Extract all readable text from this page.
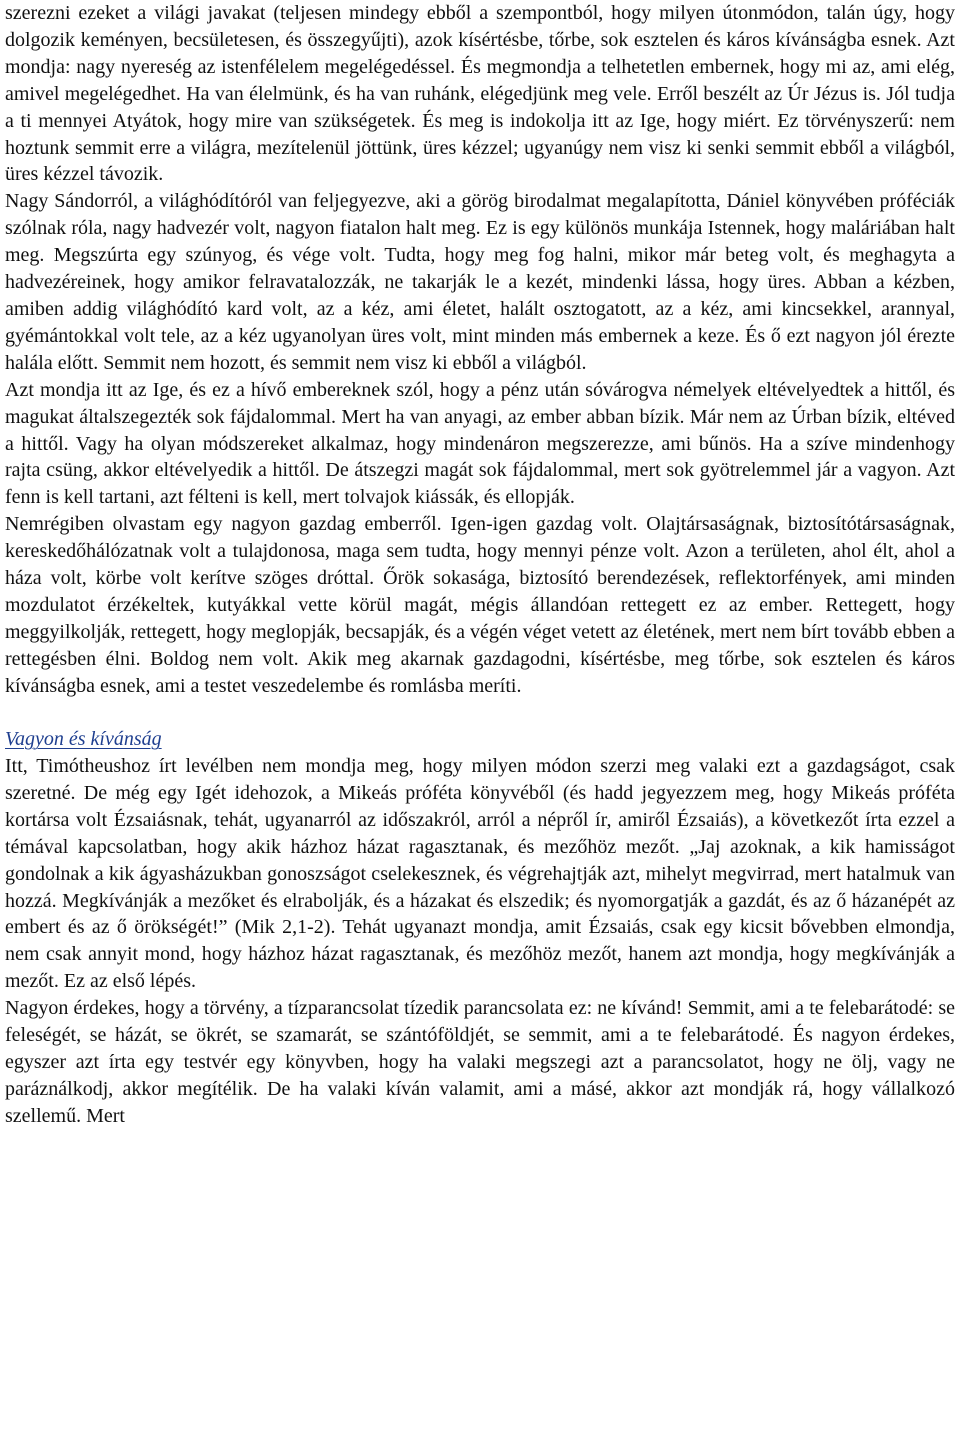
szerezni ezeket a világi javakat (teljesen mindegy ebből a szempontból, hogy milyen útonmódon, talán úgy, hogy dolgozik keményen, becsületesen, és összegyűjti), azok kísértésbe, tőrbe, sok esztelen és káros kívánságba esnek. Azt mondja: nagy nyereség az istenfélelem megelégedéssel. És megmondja a telhetetlen embernek, hogy mi az, ami elég, amivel megelégedhet. Ha van élelmünk, és ha van ruhánk, elégedjünk meg vele. Erről beszélt az Úr Jézus is. Jól tudja a ti mennyei Atyátok, hogy mire van szükségetek. És meg is indokolja itt az Ige, hogy miért. Ez törvényszerű: nem hoztunk semmit erre a világra, mezítelenül jöttünk, üres kézzel; ugyanúgy nem visz ki senki semmit ebből a világból, üres kézzel távozik.

Nagy Sándorról, a világhódítóról van feljegyezve, aki a görög birodalmat megalapította, Dániel könyvében próféciák szólnak róla, nagy hadvezér volt, nagyon fiatalon halt meg. Ez is egy különös munkája Istennek, hogy maláriában halt meg. Megszúrta egy szúnyog, és vége volt. Tudta, hogy meg fog halni, mikor már beteg volt, és meghagyta a hadvezéreinek, hogy amikor felravatalozzák, ne takarják le a kezét, mindenki lássa, hogy üres. Abban a kézben, amiben addig világhódító kard volt, az a kéz, ami életet, halált osztogatott, az a kéz, ami kincsekkel, arannyal, gyémántokkal volt tele, az a kéz ugyanolyan üres volt, mint minden más embernek a keze. És ő ezt nagyon jól érezte halála előtt. Semmit nem hozott, és semmit nem visz ki ebből a világból.

Azt mondja itt az Ige, és ez a hívő embereknek szól, hogy a pénz után sóvárogva némelyek eltévelyedtek a hittől, és magukat általszegezték sok fájdalommal. Mert ha van anyagi, az ember abban bízik. Már nem az Úrban bízik, eltéved a hittől. Vagy ha olyan módszereket alkalmaz, hogy mindenáron megszerezze, ami bűnös. Ha a szíve mindenhogy rajta csüng, akkor eltévelyedik a hittől. De átszegzi magát sok fájdalommal, mert sok gyötrelemmel jár a vagyon. Azt fenn is kell tartani, azt félteni is kell, mert tolvajok kiássák, és ellopják.

Nemrégiben olvastam egy nagyon gazdag emberről. Igen-igen gazdag volt. Olajtársaságnak, biztosítótársaságnak, kereskedőhálózatnak volt a tulajdonosa, maga sem tudta, hogy mennyi pénze volt. Azon a területen, ahol élt, ahol a háza volt, körbe volt kerítve szöges dróttal. Őrök sokasága, biztosító berendezések, reflektorfények, ami minden mozdulatot érzékeltek, kutyákkal vette körül magát, mégis állandóan rettegett ez az ember. Rettegett, hogy meggyilkolják, rettegett, hogy meglopják, becsapják, és a végén véget vetett az életének, mert nem bírt tovább ebben a rettegésben élni. Boldog nem volt. Akik meg akarnak gazdagodni, kísértésbe, meg tőrbe, sok esztelen és káros kívánságba esnek, ami a testet veszedelembe és romlásba meríti.

Vagyon és kívánság

Itt, Timótheushoz írt levélben nem mondja meg, hogy milyen módon szerzi meg valaki ezt a gazdagságot, csak szeretné. De még egy Igét idehozok, a Mikeás próféta könyvéből (és hadd jegyezzem meg, hogy Mikeás próféta kortársa volt Ézsaiásnak, tehát, ugyanarról az időszakról, arról a népről ír, amiről Ézsaiás), a következőt írta ezzel a témával kapcsolatban, hogy akik házhoz házat ragasztanak, és mezőhöz mezőt. „Jaj azoknak, a kik hamisságot gondolnak a kik ágyasházukban gonoszságot cselekesznek, és végrehajtják azt, mihelyt megvirrad, mert hatalmuk van hozzá. Megkívánják a mezőket és elrabolják, és a házakat és elszedik; és nyomorgatják a gazdát, és az ő házanépét az embert és az ő örökségét!” (Mik 2,1-2). Tehát ugyanazt mondja, amit Ézsaiás, csak egy kicsit bővebben elmondja, nem csak annyit mond, hogy házhoz házat ragasztanak, és mezőhöz mezőt, hanem azt mondja, hogy megkívánják a mezőt. Ez az első lépés.

Nagyon érdekes, hogy a törvény, a tízparancsolat tízedik parancsolata ez: ne kívánd! Semmit, ami a te felebarátodé: se feleségét, se házát, se ökrét, se szamarát, se szántóföldjét, se semmit, ami a te felebarátodé. És nagyon érdekes, egyszer azt írta egy testvér egy könyvben, hogy ha valaki megszegi azt a parancsolatot, hogy ne ölj, vagy ne paráználkodj, akkor megítélik. De ha valaki kíván valamit, ami a másé, akkor azt mondják rá, hogy vállalkozó szellemű. Mert
